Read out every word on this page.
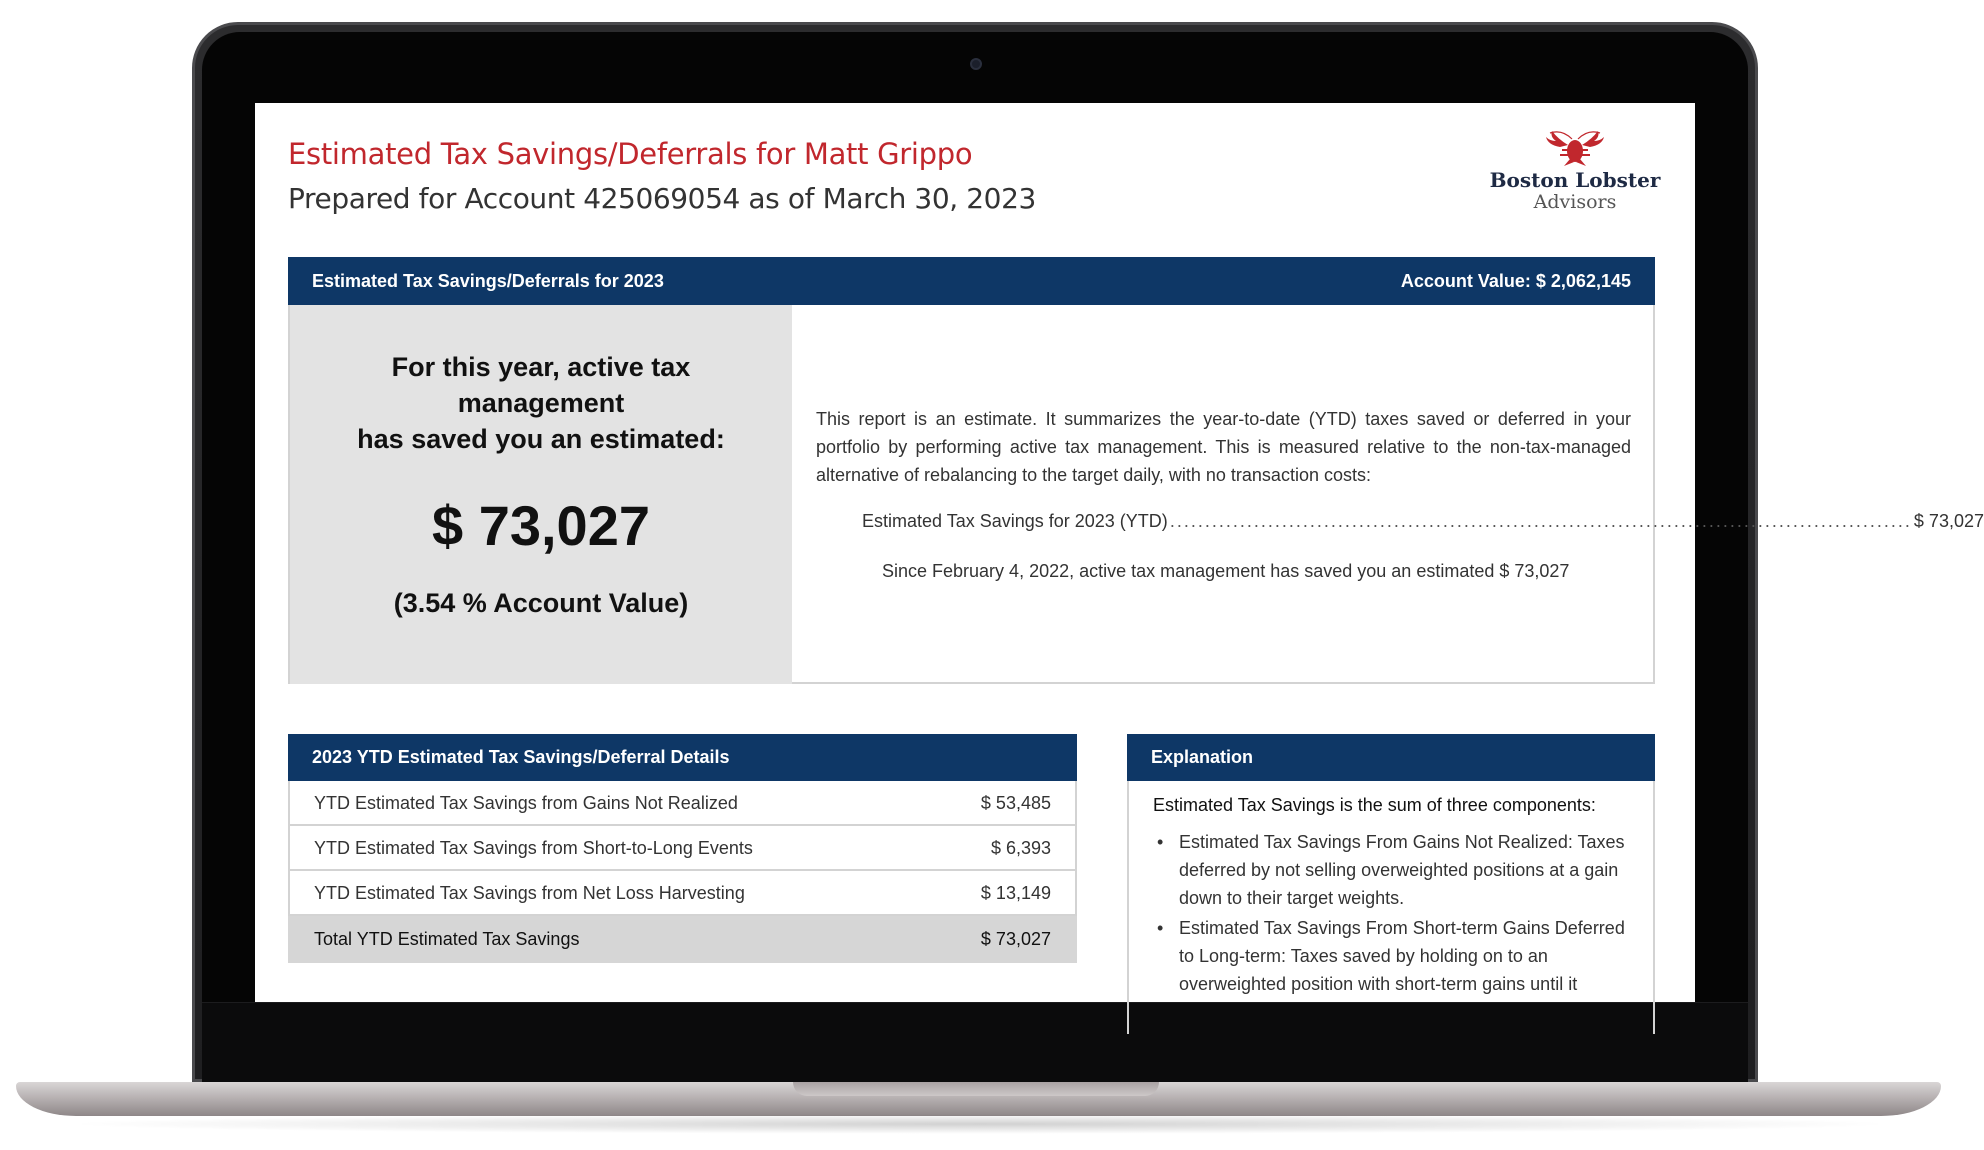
Estimated Tax Savings/Deferrals for Matt Grippo
Prepared for Account 425069054 as of March 30, 2023
Boston Lobster
Advisors
Estimated Tax Savings/Deferrals for 2023	Account Value: $ 2,062,145
For this year, active tax
management
has saved you an estimated:
$ 73,027
(3.54 % Account Value)
This report is an estimate. It summarizes the year-to-date (YTD) taxes saved or deferred in your portfolio by performing active tax management. This is measured relative to the non-tax-managed alternative of rebalancing to the target daily, with no transaction costs:
Estimated Tax Savings for 2023 (YTD) .......................................................................................................... $ 73,027
Since February 4, 2022, active tax management has saved you an estimated $ 73,027
2023 YTD Estimated Tax Savings/Deferral Details
YTD Estimated Tax Savings from Gains Not Realized	$ 53,485
YTD Estimated Tax Savings from Short-to-Long Events	$ 6,393
YTD Estimated Tax Savings from Net Loss Harvesting	$ 13,149
Total YTD Estimated Tax Savings	$ 73,027
Explanation
Estimated Tax Savings is the sum of three components:
• Estimated Tax Savings From Gains Not Realized: Taxes deferred by not selling overweighted positions at a gain down to their target weights.
• Estimated Tax Savings From Short-term Gains Deferred to Long-term: Taxes saved by holding on to an overweighted position with short-term gains until it
